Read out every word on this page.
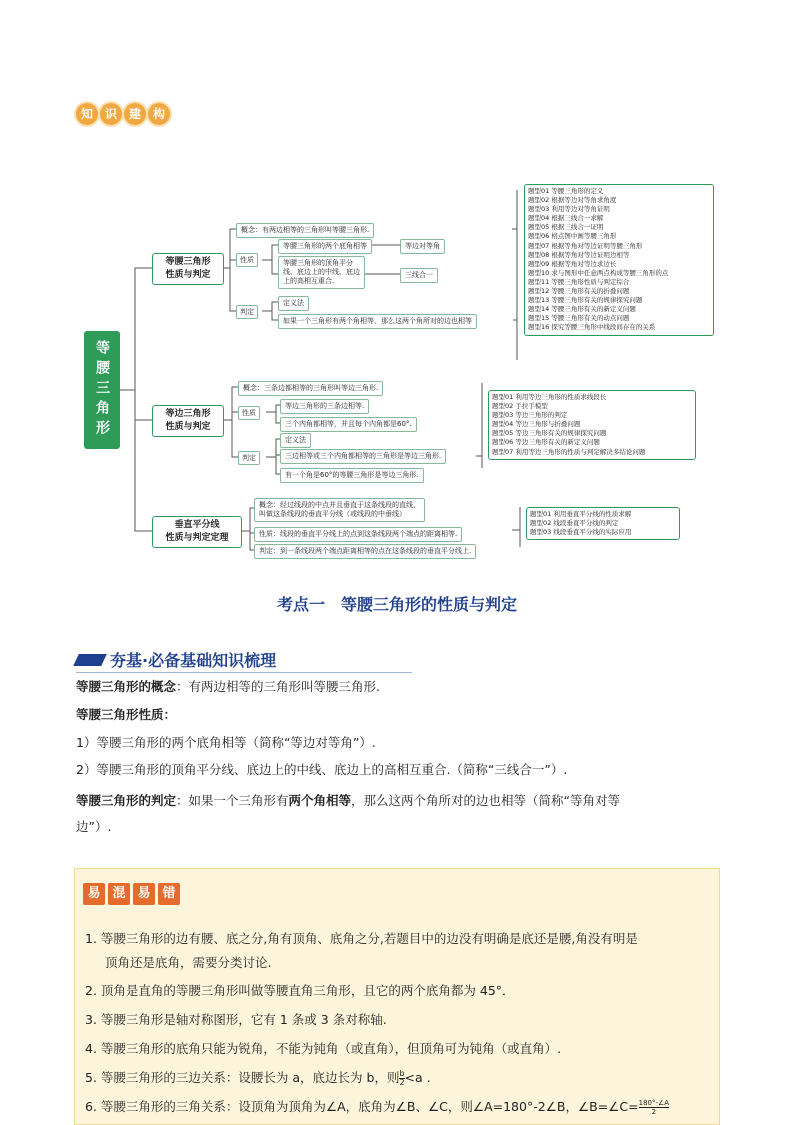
知 识 建 构
等腰三角形
等腰三角形
性质与判定
概念：有两边相等的三角形叫等腰三角形.
性质
等腰三角形的两个底角相等	等边对等角
等腰三角形的顶角平分
线、底边上的中线、底边
上的高相互重合.
三线合一
判定
定义法
如果一个三角形有两个角相等，那么这两个角所对的边也相等
题型01 等腰三角形的定义
题型02 根据等边对等角求角度
题型03 利用等边对等角证明
题型04 根据三线合一求解
题型05 根据三线合一证明
题型06 格点图中画等腰三角形
题型07 根据等角对等边证明等腰三角形
题型08 根据等角对等边证明边相等
题型09 根据等角对等边求边长
题型10 求与图形中任意两点构成等腰三角形的点
题型11 等腰三角形性质与判定综合
题型12 等腰三角形有关的折叠问题
题型13 等腰三角形有关的规律探究问题
题型14 等腰三角形有关的新定义问题
题型15 等腰三角形有关的动点问题
题型16 探究等腰三角形中线段间存在的关系
等边三角形
性质与判定
概念：三条边都相等的三角形叫等边三角形.
性质
等边三角形的三条边相等.
三个内角都相等，并且每个内角都是60°.
判定
定义法
三边相等或三个内角都相等的三角形是等边三角形.
有一个角是60°的等腰三角形是等边三角形.
题型01 利用等边三角形的性质求线段长
题型02 手拉手模型
题型03 等边三角形的判定
题型04 等边三角形与折叠问题
题型05 等边三角形有关的规律探究问题
题型06 等边三角形有关的新定义问题
题型07 利用等边三角形的性质与判定解决多结论问题
垂直平分线
性质与判定定理
概念：经过线段的中点并且垂直于这条线段的直线，
叫做这条线段的垂直平分线（或线段的中垂线）
性质：线段的垂直平分线上的点到这条线段两个端点的距离相等.
判定：到一条线段两个端点距离相等的点在这条线段的垂直平分线上.
题型01 利用垂直平分线的性质求解
题型02 线段垂直平分线的判定
题型03 线段垂直平分线的实际应用
考点一　等腰三角形的性质与判定
夯基·必备基础知识梳理
等腰三角形的概念：有两边相等的三角形叫等腰三角形.
等腰三角形性质：
1）等腰三角形的两个底角相等（简称“等边对等角”）.
2）等腰三角形的顶角平分线、底边上的中线、底边上的高相互重合.（简称“三线合一”）.
等腰三角形的判定：如果一个三角形有两个角相等，那么这两个角所对的边也相等（简称“等角对等
边”）.
易 混 易 错
1. 等腰三角形的边有腰、底之分,角有顶角、底角之分,若题目中的边没有明确是底还是腰,角没有明是
顶角还是底角，需要分类讨论.
2. 顶角是直角的等腰三角形叫做等腰直角三角形，且它的两个底角都为 45°．
3. 等腰三角形是轴对称图形，它有 1 条或 3 条对称轴.
4. 等腰三角形的底角只能为锐角，不能为钝角（或直角），但顶角可为钝角（或直角）.
5. 等腰三角形的三边关系：设腰长为 a，底边长为 b，则 $\frac{b}{2} <a$ .
6. 等腰三角形的三角关系：设顶角为顶角为∠A，底角为∠B、∠C，则∠A=180°-2∠B，∠B=∠C= $\frac{180^\circ-\angle A}{2}$
